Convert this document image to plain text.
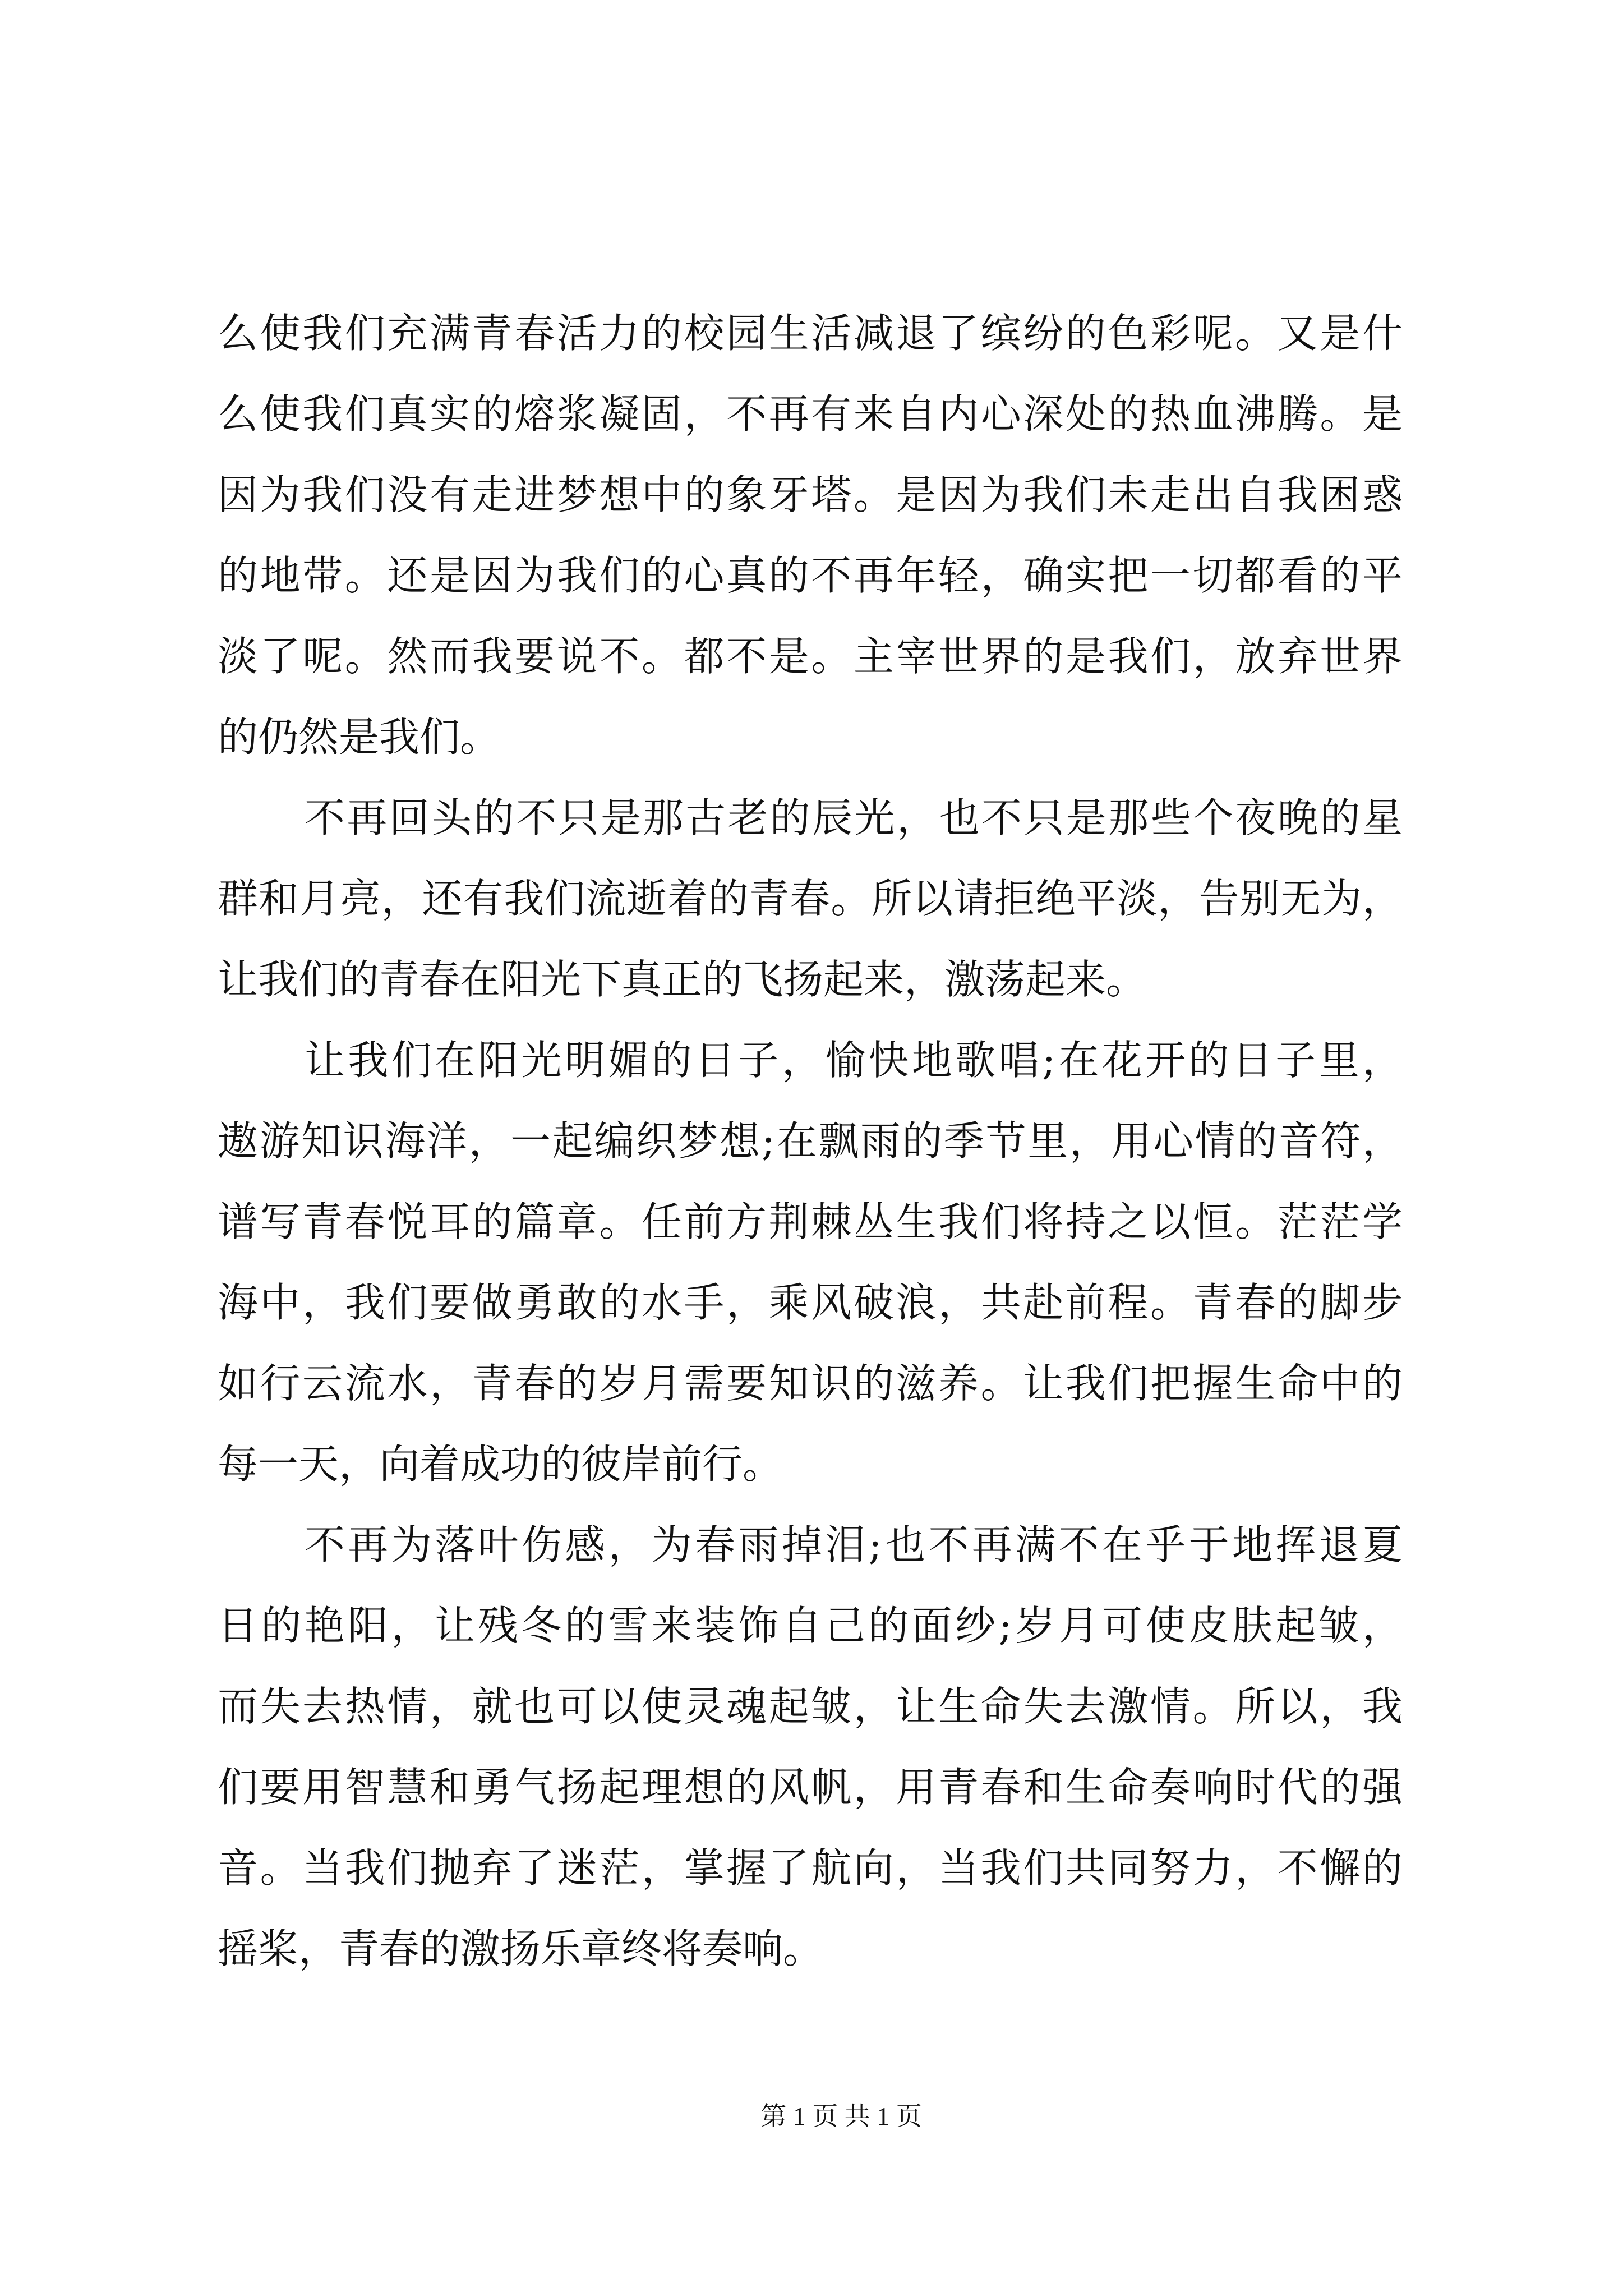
么使我们充满青春活力的校园生活减退了缤纷的色彩呢。又是什
么使我们真实的熔浆凝固，不再有来自内心深处的热血沸腾。是
因为我们没有走进梦想中的象牙塔。是因为我们未走出自我困惑
的地带。还是因为我们的心真的不再年轻，确实把一切都看的平
淡了呢。然而我要说不。都不是。主宰世界的是我们，放弃世界
的仍然是我们。
不再回头的不只是那古老的辰光，也不只是那些个夜晚的星
群和月亮，还有我们流逝着的青春。所以请拒绝平淡，告别无为，
让我们的青春在阳光下真正的飞扬起来，激荡起来。
让我们在阳光明媚的日子，愉快地歌唱;在花开的日子里，
遨游知识海洋，一起编织梦想;在飘雨的季节里，用心情的音符，
谱写青春悦耳的篇章。任前方荆棘丛生我们将持之以恒。茫茫学
海中，我们要做勇敢的水手，乘风破浪，共赴前程。青春的脚步
如行云流水，青春的岁月需要知识的滋养。让我们把握生命中的
每一天，向着成功的彼岸前行。
不再为落叶伤感，为春雨掉泪;也不再满不在乎于地挥退夏
日的艳阳，让残冬的雪来装饰自己的面纱;岁月可使皮肤起皱，
而失去热情，就也可以使灵魂起皱，让生命失去激情。所以，我
们要用智慧和勇气扬起理想的风帆，用青春和生命奏响时代的强
音。当我们抛弃了迷茫，掌握了航向，当我们共同努力，不懈的
摇桨，青春的激扬乐章终将奏响。
第 1 页 共 1 页
